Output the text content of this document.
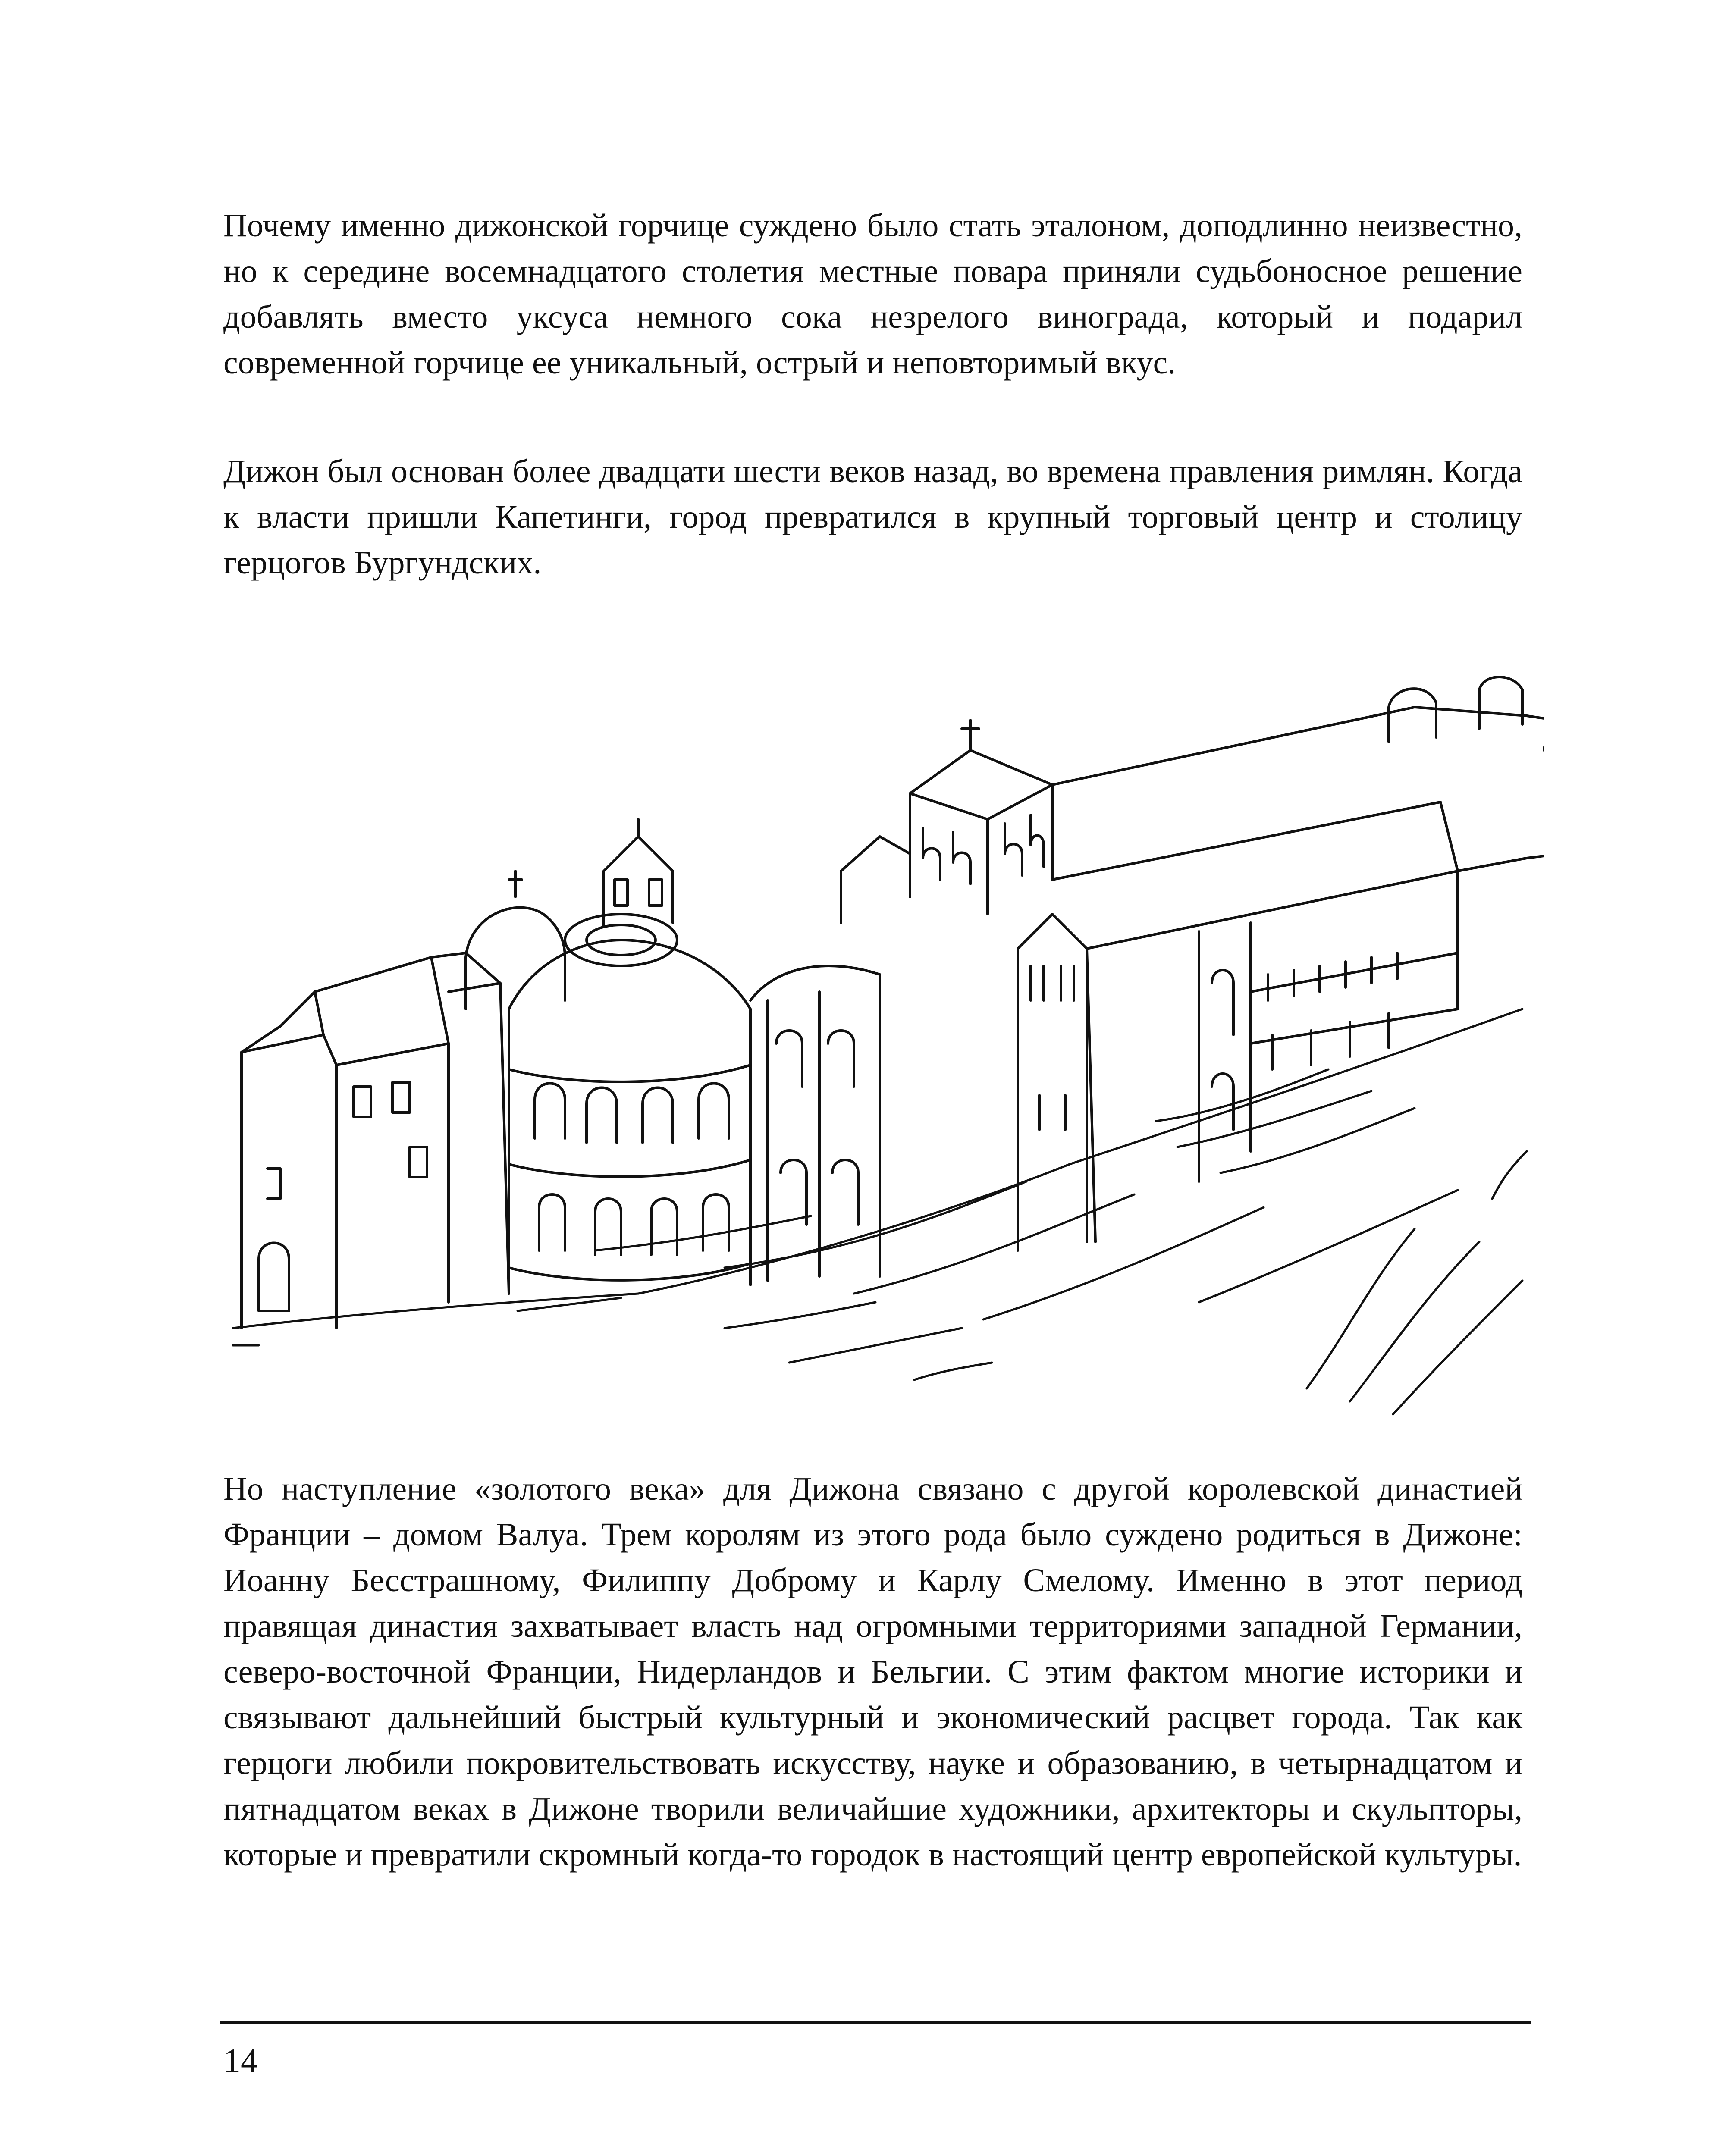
Почему именно дижонской горчице суждено было стать эталоном, доподлинно неизвестно, но к середине восемнадцатого столетия местные повара приняли судьбоносное решение добавлять вместо уксуса немного сока незрелого винограда, который и подарил современной горчице ее уникальный, острый и неповторимый вкус.

Дижон был основан более двадцати шести веков назад, во времена правления римлян. Когда к власти пришли Капетинги, город превратился в крупный торговый центр и столицу герцогов Бургундских.

Но наступление «золотого века» для Дижона связано с другой королевской династией Франции – домом Валуа. Трем королям из этого рода было суждено родиться в Дижоне: Иоанну Бесстрашному, Филиппу Доброму и Карлу Смелому. Именно в этот период правящая династия захватывает власть над огромными территориями западной Германии, северо-восточной Франции, Нидерландов и Бельгии. С этим фактом многие историки и связывают дальнейший быстрый культурный и экономический расцвет города. Так как герцоги любили покровительствовать искусству, науке и образованию, в четырнадцатом и пятнадцатом веках в Дижоне творили величайшие художники, архитекторы и скульпторы, которые и превратили скромный когда-то городок в настоящий центр европейской культуры.

14
